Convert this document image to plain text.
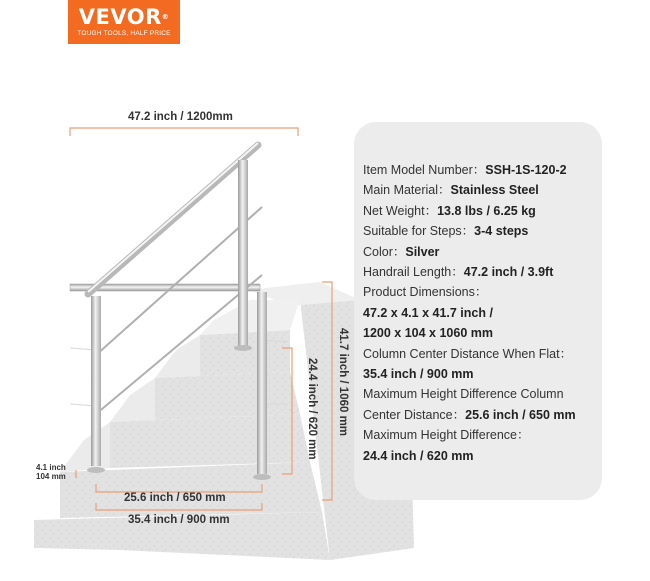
VEVOR®
TOUGH TOOLS, HALF PRICE
47.2 inch / 1200mm
41.7 inch / 1060 mm
24.4 inch / 620 mm
4.1 inch
104 mm
25.6 inch / 650 mm
35.4 inch / 900 mm
Item Model Number：SSH-1S-120-2
Main Material：Stainless Steel
Net Weight：13.8 lbs / 6.25 kg
Suitable for Steps：3-4 steps
Color：Silver
Handrail Length：47.2 inch / 3.9ft
Product Dimensions：
47.2 x 4.1 x 41.7 inch /
1200 x 104 x 1060 mm
Column Center Distance When Flat：
35.4 inch / 900 mm
Maximum Height Difference Column
Center Distance：25.6 inch / 650 mm
Maximum Height Difference：
24.4 inch / 620 mm
